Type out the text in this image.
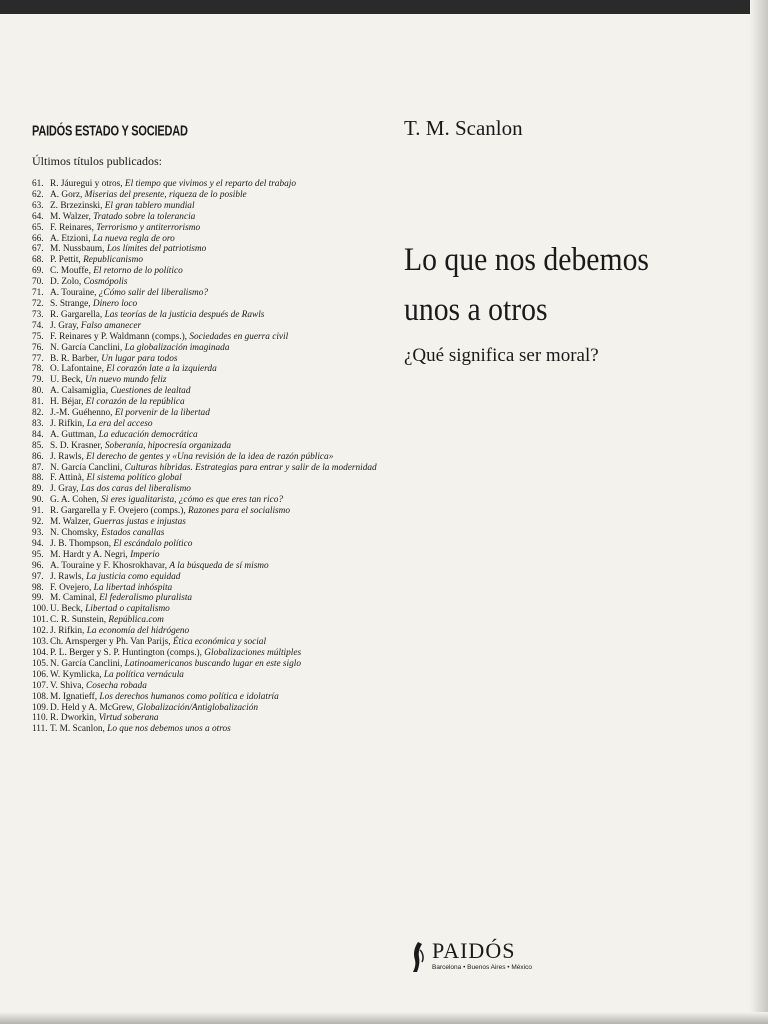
PAIDÓS ESTADO Y SOCIEDAD

Últimos títulos publicados:

61. R. Jáuregui y otros, El tiempo que vivimos y el reparto del trabajo
62. A. Gorz, Miserias del presente, riqueza de lo posible
63. Z. Brzezinski, El gran tablero mundial
64. M. Walzer, Tratado sobre la tolerancia
65. F. Reinares, Terrorismo y antiterrorismo
66. A. Etzioni, La nueva regla de oro
67. M. Nussbaum, Los límites del patriotismo
68. P. Pettit, Republicanismo
69. C. Mouffe, El retorno de lo político
70. D. Zolo, Cosmópolis
71. A. Touraine, ¿Cómo salir del liberalismo?
72. S. Strange, Dinero loco
73. R. Gargarella, Las teorías de la justicia después de Rawls
74. J. Gray, Falso amanecer
75. F. Reinares y P. Waldmann (comps.), Sociedades en guerra civil
76. N. García Canclini, La globalización imaginada
77. B. R. Barber, Un lugar para todos
78. O. Lafontaine, El corazón late a la izquierda
79. U. Beck, Un nuevo mundo feliz
80. A. Calsamiglia, Cuestiones de lealtad
81. H. Béjar, El corazón de la república
82. J.-M. Guéhenno, El porvenir de la libertad
83. J. Rifkin, La era del acceso
84. A. Guttman, La educación democrática
85. S. D. Krasner, Soberanía, hipocresía organizada
86. J. Rawls, El derecho de gentes y «Una revisión de la idea de razón pública»
87. N. García Canclini, Culturas híbridas. Estrategias para entrar y salir de la modernidad
88. F. Attinà, El sistema político global
89. J. Gray, Las dos caras del liberalismo
90. G. A. Cohen, Si eres igualitarista, ¿cómo es que eres tan rico?
91. R. Gargarella y F. Ovejero (comps.), Razones para el socialismo
92. M. Walzer, Guerras justas e injustas
93. N. Chomsky, Estados canallas
94. J. B. Thompson, El escándalo político
95. M. Hardt y A. Negri, Imperio
96. A. Touraine y F. Khosrokhavar, A la búsqueda de sí mismo
97. J. Rawls, La justicia como equidad
98. F. Ovejero, La libertad inhóspita
99. M. Caminal, El federalismo pluralista
100. U. Beck, Libertad o capitalismo
101. C. R. Sunstein, República.com
102. J. Rifkin, La economía del hidrógeno
103. Ch. Arnsperger y Ph. Van Parijs, Ética económica y social
104. P. L. Berger y S. P. Huntington (comps.), Globalizaciones múltiples
105. N. García Canclini, Latinoamericanos buscando lugar en este siglo
106. W. Kymlicka, La política vernácula
107. V. Shiva, Cosecha robada
108. M. Ignatieff, Los derechos humanos como política e idolatría
109. D. Held y A. McGrew, Globalización/Antiglobalización
110. R. Dworkin, Virtud soberana
111. T. M. Scanlon, Lo que nos debemos unos a otros

T. M. Scanlon

Lo que nos debemos
unos a otros

¿Qué significa ser moral?

PAIDÓS
Barcelona • Buenos Aires • México
